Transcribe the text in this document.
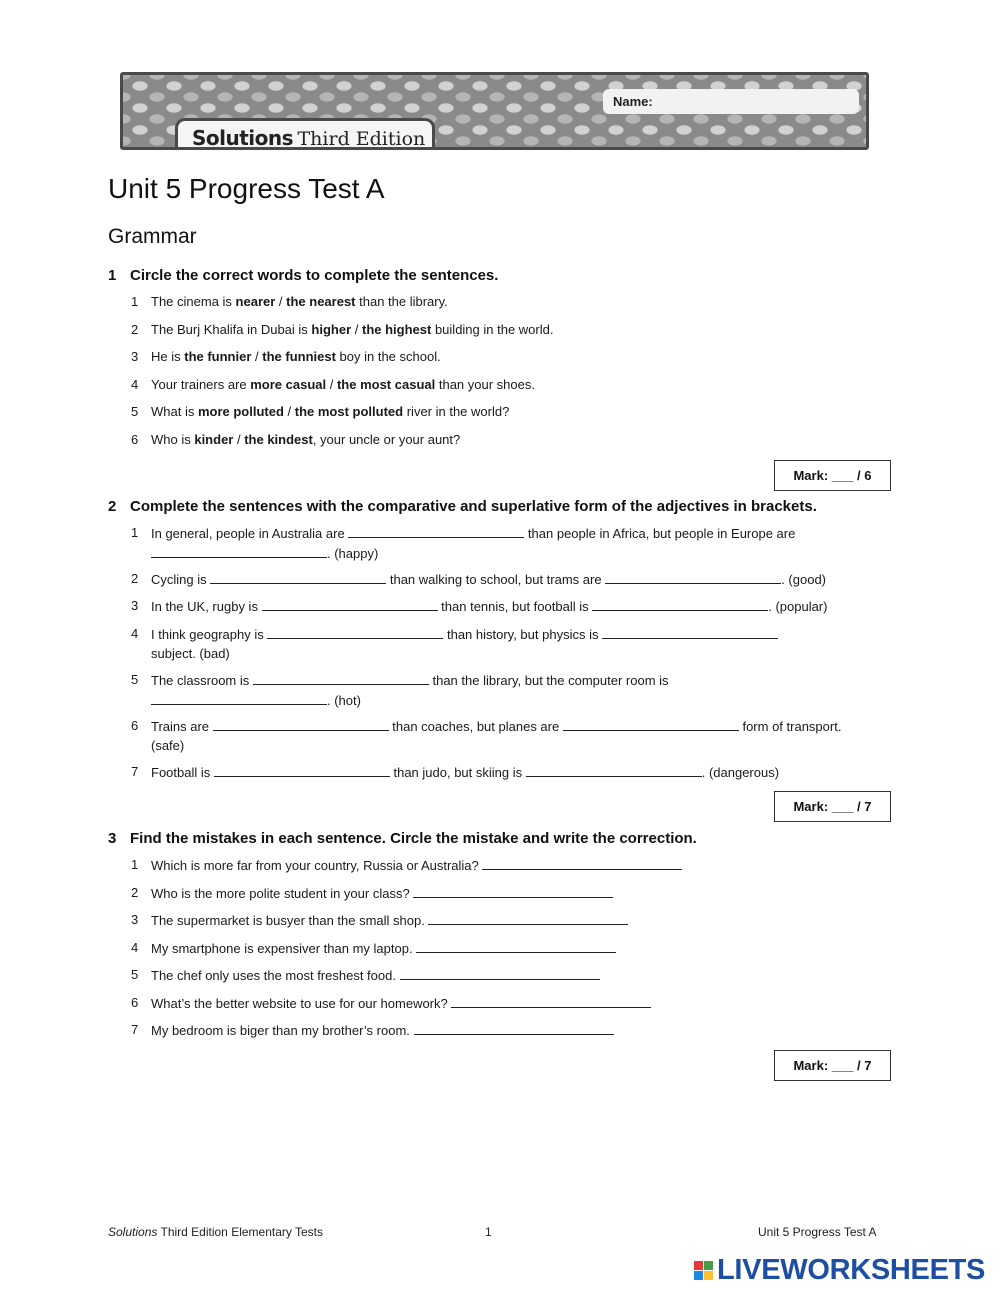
Name:
Solutions Third Edition
Unit 5 Progress Test A
Grammar
1 Circle the correct words to complete the sentences.
1 The cinema is nearer / the nearest than the library.
2 The Burj Khalifa in Dubai is higher / the highest building in the world.
3 He is the funnier / the funniest boy in the school.
4 Your trainers are more casual / the most casual than your shoes.
5 What is more polluted / the most polluted river in the world?
6 Who is kinder / the kindest, your uncle or your aunt?
Mark: ___ / 6
2 Complete the sentences with the comparative and superlative form of the adjectives in brackets.
1 In general, people in Australia are	than people in Africa, but people in Europe are
. (happy)
2 Cycling is	than walking to school, but trams are	. (good)
3 In the UK, rugby is	than tennis, but football is	. (popular)
4 I think geography is	than history, but physics is
subject. (bad)
5 The classroom is	than the library, but the computer room is
. (hot)
6 Trains are	than coaches, but planes are	form of transport. (safe)
7 Football is	than judo, but skiing is	. (dangerous)
Mark: ___ / 7
3 Find the mistakes in each sentence. Circle the mistake and write the correction.
1 Which is more far from your country, Russia or Australia?
2 Who is the more polite student in your class?
3 The supermarket is busyer than the small shop.
4 My smartphone is expensiver than my laptop.
5 The chef only uses the most freshest food.
6 What’s the better website to use for our homework?
7 My bedroom is biger than my brother’s room.
Mark: ___ / 7
Solutions Third Edition Elementary Tests	1	Unit 5 Progress Test A
LIVEWORKSHEETS
